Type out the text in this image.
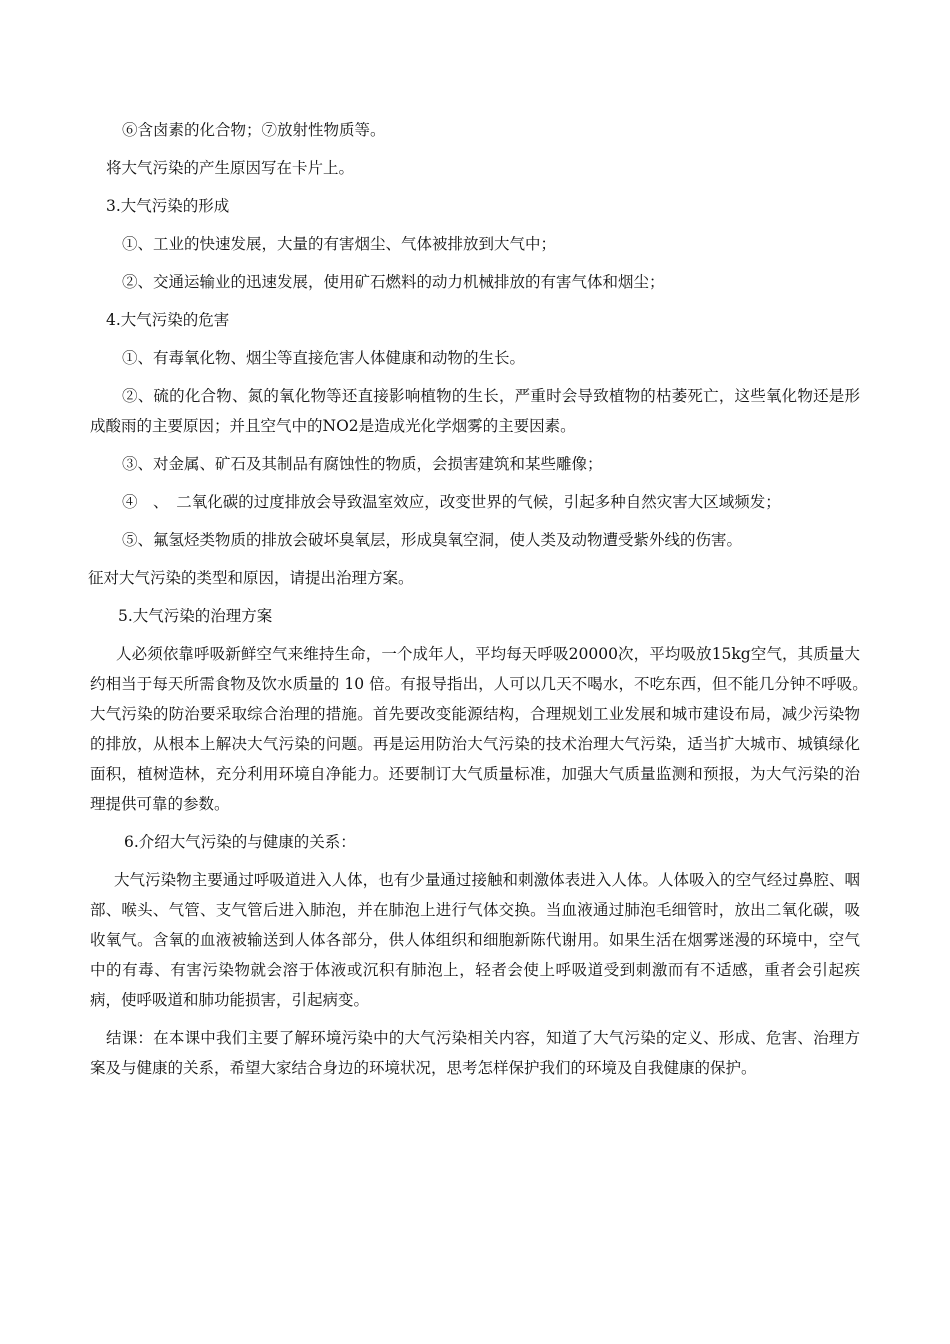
⑥含卤素的化合物；⑦放射性物质等。

将大气污染的产生原因写在卡片上。

3.大气污染的形成

①、工业的快速发展，大量的有害烟尘、气体被排放到大气中；

②、交通运输业的迅速发展，使用矿石燃料的动力机械排放的有害气体和烟尘；

4.大气污染的危害

①、有毒氧化物、烟尘等直接危害人体健康和动物的生长。

②、硫的化合物、氮的氧化物等还直接影响植物的生长，严重时会导致植物的枯萎死亡，这些氧化物还是形成酸雨的主要原因；并且空气中的NO2是造成光化学烟雾的主要因素。

③、对金属、矿石及其制品有腐蚀性的物质，会损害建筑和某些雕像；

④　、　二氧化碳的过度排放会导致温室效应，改变世界的气候，引起多种自然灾害大区域频发；

⑤、氟氢烃类物质的排放会破坏臭氧层，形成臭氧空洞，使人类及动物遭受紫外线的伤害。

征对大气污染的类型和原因，请提出治理方案。

5.大气污染的治理方案

人必须依靠呼吸新鲜空气来维持生命，一个成年人，平均每天呼吸20000次，平均吸放15kg空气，其质量大约相当于每天所需食物及饮水质量的 10 倍。有报导指出，人可以几天不喝水，不吃东西，但不能几分钟不呼吸。　大气污染的防治要采取综合治理的措施。首先要改变能源结构，合理规划工业发展和城市建设布局，减少污染物的排放，从根本上解决大气污染的问题。再是运用防治大气污染的技术治理大气污染，适当扩大城市、城镇绿化面积，植树造林，充分利用环境自净能力。还要制订大气质量标准，加强大气质量监测和预报，为大气污染的治理提供可靠的参数。

6.介绍大气污染的与健康的关系：

大气污染物主要通过呼吸道进入人体，也有少量通过接触和刺激体表进入人体。人体吸入的空气经过鼻腔、咽部、喉头、气管、支气管后进入肺泡，并在肺泡上进行气体交换。当血液通过肺泡毛细管时，放出二氧化碳，吸收氧气。含氧的血液被输送到人体各部分，供人体组织和细胞新陈代谢用。如果生活在烟雾迷漫的环境中，空气中的有毒、有害污染物就会溶于体液或沉积有肺泡上，轻者会使上呼吸道受到刺激而有不适感，重者会引起疾病，使呼吸道和肺功能损害，引起病变。

结课：在本课中我们主要了解环境污染中的大气污染相关内容，知道了大气污染的定义、形成、危害、治理方案及与健康的关系，希望大家结合身边的环境状况，思考怎样保护我们的环境及自我健康的保护。
